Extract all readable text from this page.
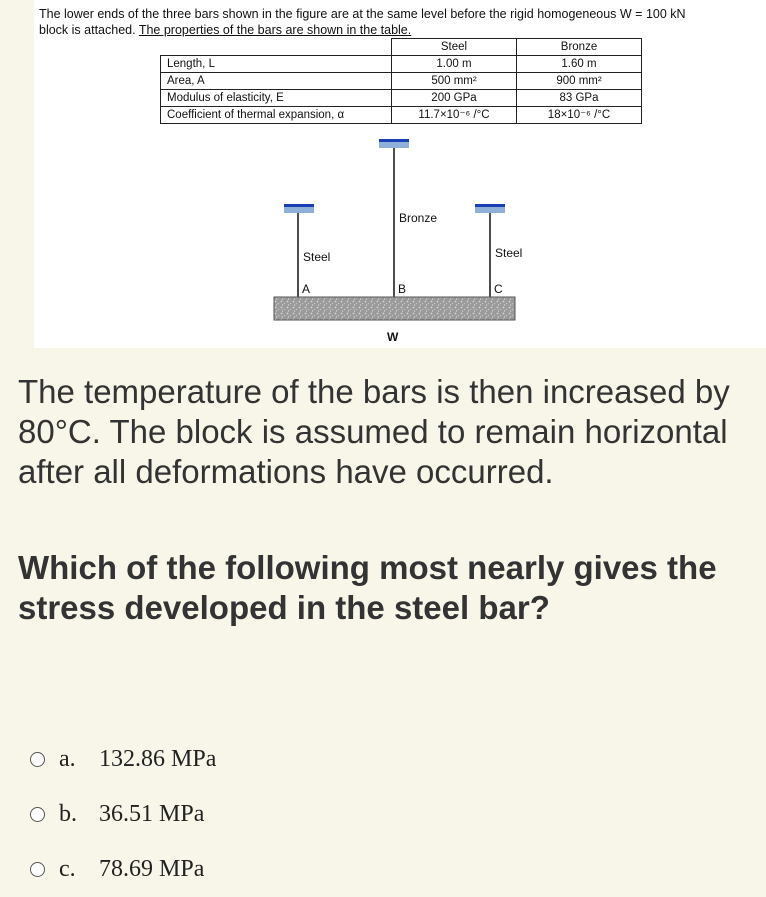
The lower ends of the three bars shown in the figure are at the same level before the rigid homogeneous W = 100 kN
block is attached. The properties of the bars are shown in the table.

	Steel	Bronze
Length, L	1.00 m	1.60 m
Area, A	500 mm²	900 mm²
Modulus of elasticity, E	200 GPa	83 GPa
Coefficient of thermal expansion, α	11.7×10⁻⁶ /°C	18×10⁻⁶ /°C
Steel
Bronze
Steel
A	B	C
W

The temperature of the bars is then increased by 80°C. The block is assumed to remain horizontal after all deformations have occurred.

Which of the following most nearly gives the stress developed in the steel bar?

a. 132.86 MPa
b. 36.51 MPa
c. 78.69 MPa
